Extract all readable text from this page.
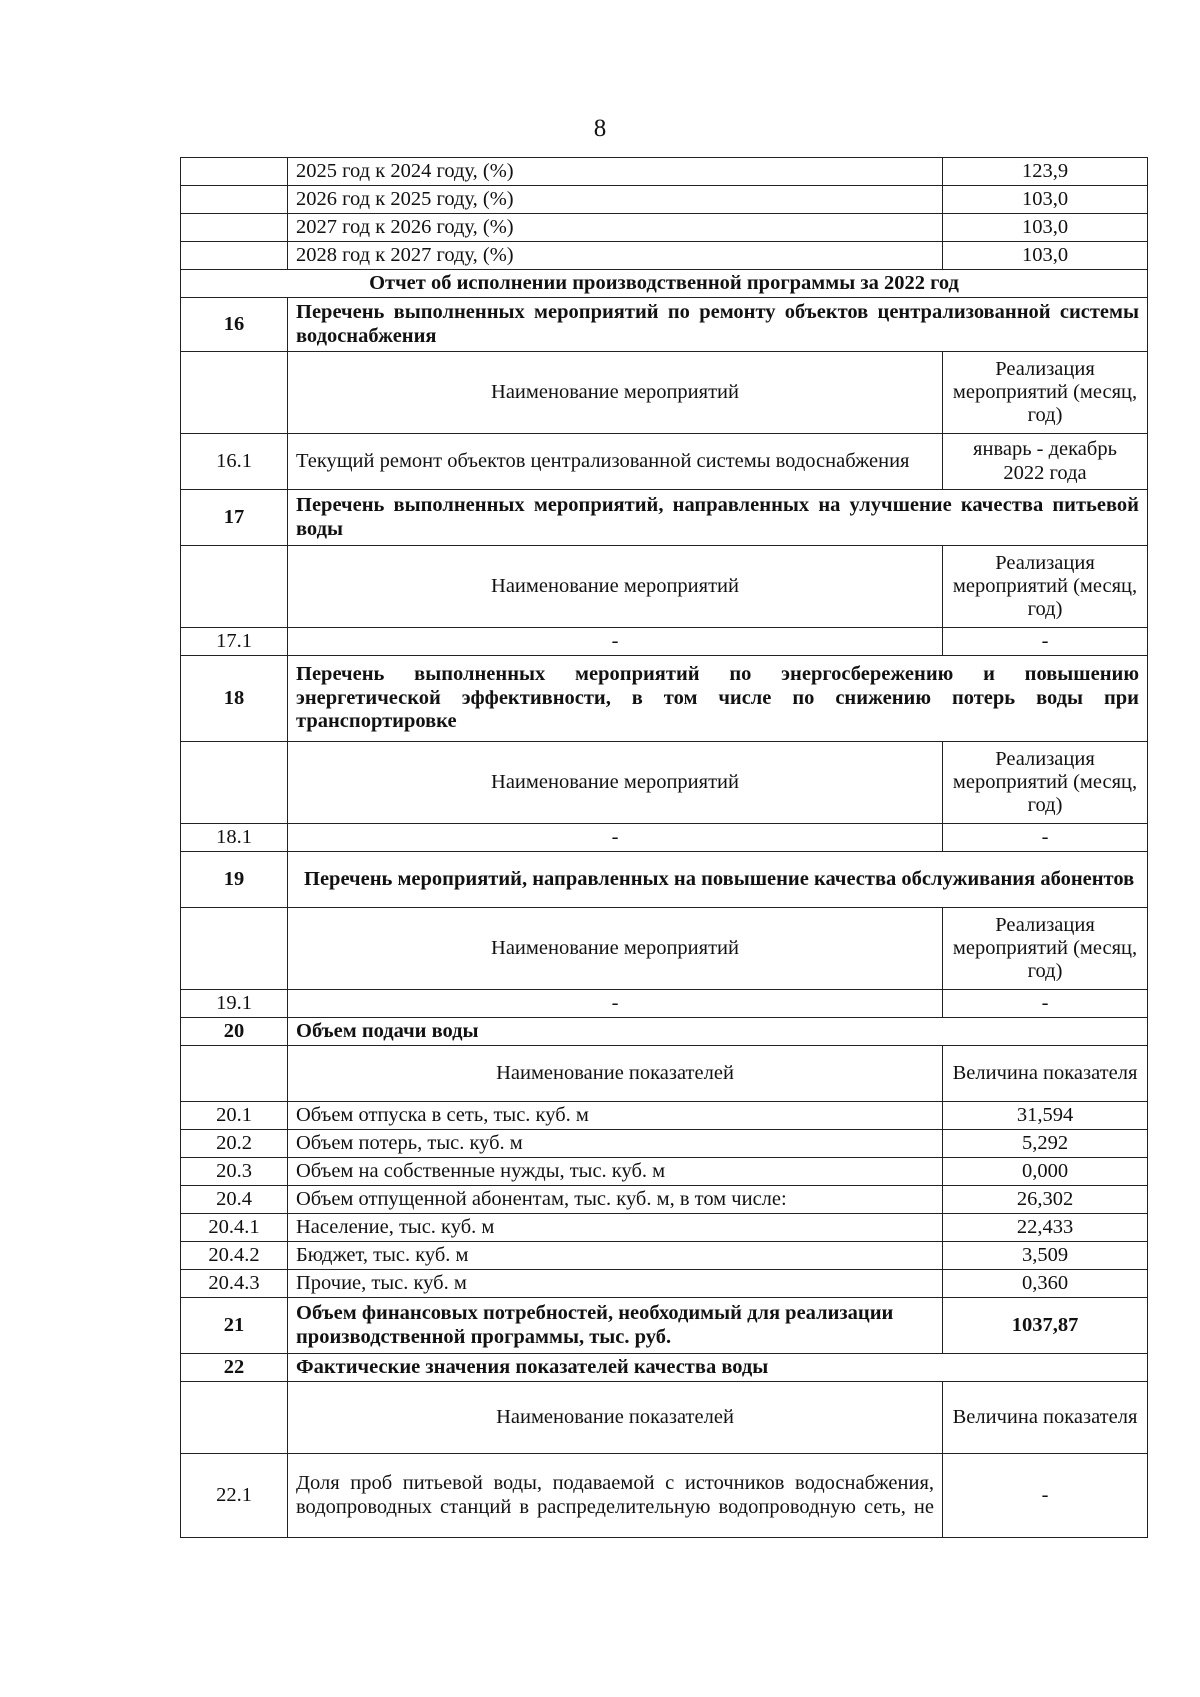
8
	2025 год к 2024 году, (%)	123,9
	2026 год к 2025 году, (%)	103,0
	2027 год к 2026 году, (%)	103,0
	2028 год к 2027 году, (%)	103,0
Отчет об исполнении производственной программы за 2022 год		
16	Перечень выполненных мероприятий по ремонту объектов централизованной системы водоснабжения	
	Наименование мероприятий	Реализация мероприятий (месяц, год)
16.1	Текущий ремонт объектов централизованной системы водоснабжения	январь - декабрь 2022 года
17	Перечень выполненных мероприятий, направленных на улучшение качества питьевой воды	
	Наименование мероприятий	Реализация мероприятий (месяц, год)
17.1	-	-
18	Перечень выполненных мероприятий по энергосбережению и повышению энергетической эффективности, в том числе по снижению потерь воды при транспортировке	
	Наименование мероприятий	Реализация мероприятий (месяц, год)
18.1	-	-
19	Перечень мероприятий, направленных на повышение качества обслуживания абонентов	
	Наименование мероприятий	Реализация мероприятий (месяц, год)
19.1	-	-
20	Объем подачи воды	
	Наименование показателей	Величина показателя
20.1	Объем отпуска в сеть, тыс. куб. м	31,594
20.2	Объем потерь, тыс. куб. м	5,292
20.3	Объем на собственные нужды, тыс. куб. м	0,000
20.4	Объем отпущенной абонентам, тыс. куб. м, в том числе:	26,302
20.4.1	Население, тыс. куб. м	22,433
20.4.2	Бюджет, тыс. куб. м	3,509
20.4.3	Прочие, тыс. куб. м	0,360
21	Объем финансовых потребностей, необходимый для реализации производственной программы, тыс. руб.	1037,87
22	Фактические значения показателей качества воды	
	Наименование показателей	Величина показателя
22.1	Доля проб питьевой воды, подаваемой с источников водоснабжения, водопроводных станций в распределительную водопроводную сеть, не	-
